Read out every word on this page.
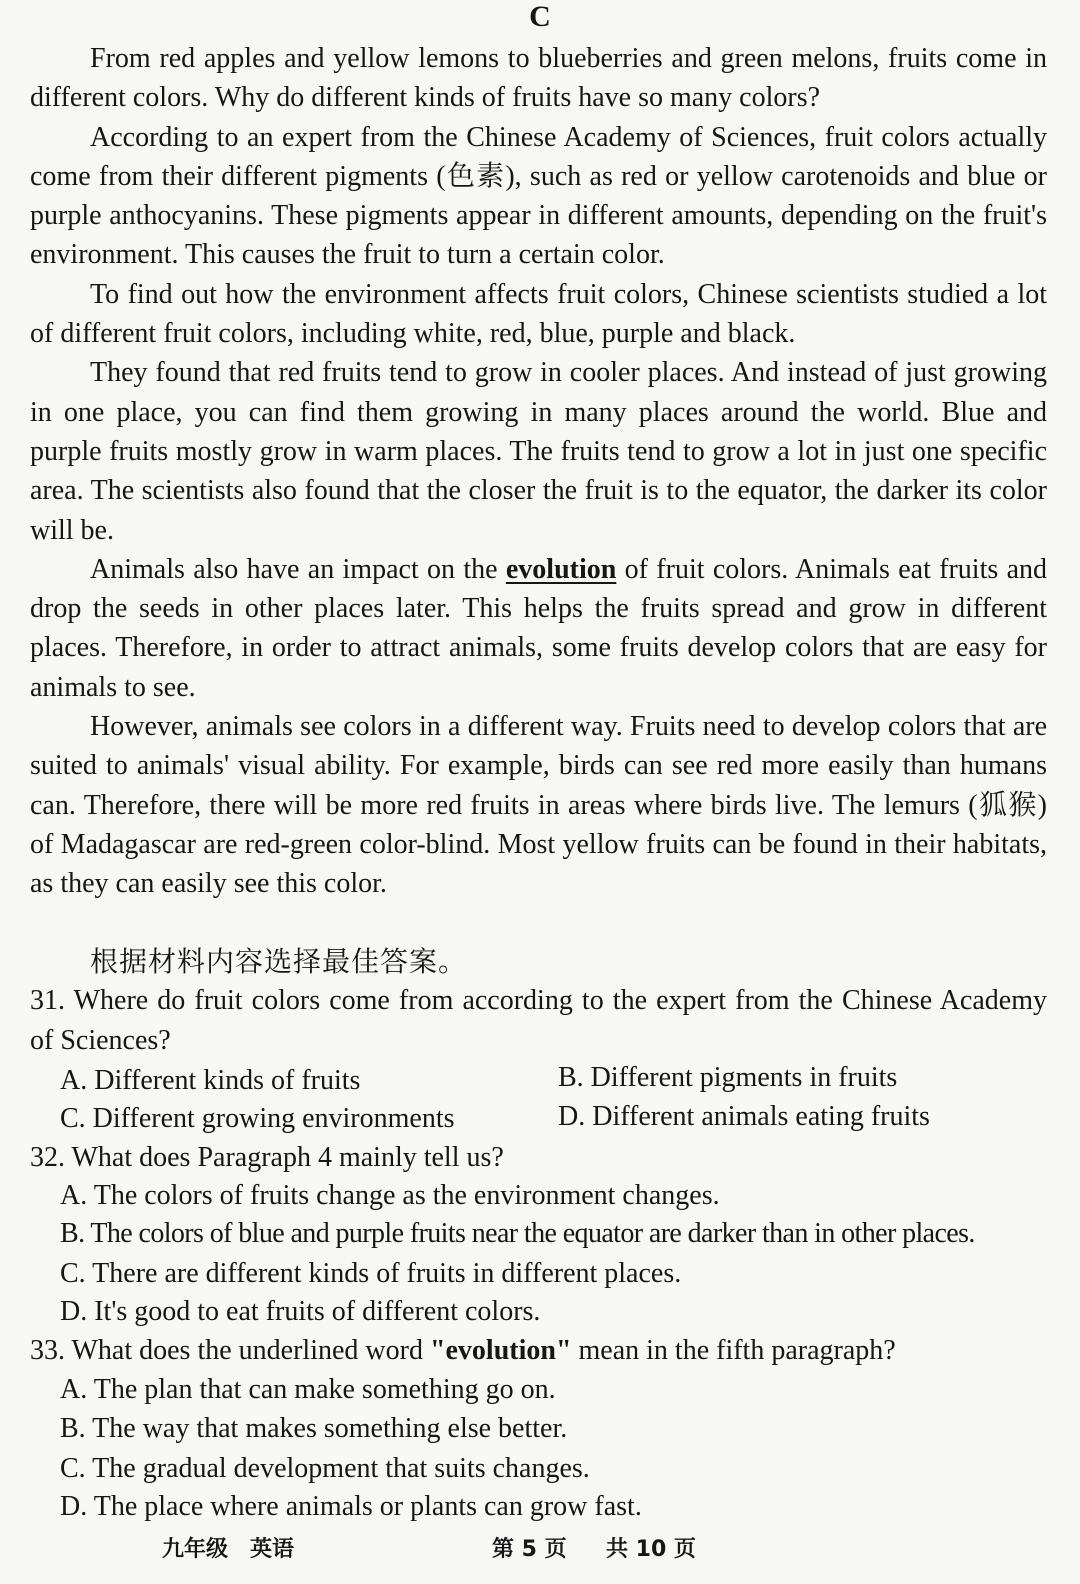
C

From red apples and yellow lemons to blueberries and green melons, fruits come in different colors. Why do different kinds of fruits have so many colors?

According to an expert from the Chinese Academy of Sciences, fruit colors actually come from their different pigments (色素), such as red or yellow carotenoids and blue or purple anthocyanins. These pigments appear in different amounts, depending on the fruit's environment. This causes the fruit to turn a certain color.

To find out how the environment affects fruit colors, Chinese scientists studied a lot of different fruit colors, including white, red, blue, purple and black.

They found that red fruits tend to grow in cooler places. And instead of just growing in one place, you can find them growing in many places around the world. Blue and purple fruits mostly grow in warm places. The fruits tend to grow a lot in just one specific area. The scientists also found that the closer the fruit is to the equator, the darker its color will be.

Animals also have an impact on the evolution of fruit colors. Animals eat fruits and drop the seeds in other places later. This helps the fruits spread and grow in different places. Therefore, in order to attract animals, some fruits develop colors that are easy for animals to see.

However, animals see colors in a different way. Fruits need to develop colors that are suited to animals' visual ability. For example, birds can see red more easily than humans can. Therefore, there will be more red fruits in areas where birds live. The lemurs (狐猴) of Madagascar are red-green color-blind. Most yellow fruits can be found in their habitats, as they can easily see this color.

根据材料内容选择最佳答案。

31. Where do fruit colors come from according to the expert from the Chinese Academy of Sciences?

A. Different kinds of fruits	B. Different pigments in fruits
C. Different growing environments	D. Different animals eating fruits
32. What does Paragraph 4 mainly tell us?
A. The colors of fruits change as the environment changes.
B. The colors of blue and purple fruits near the equator are darker than in other places.
C. There are different kinds of fruits in different places.
D. It's good to eat fruits of different colors.
33. What does the underlined word "evolution" mean in the fifth paragraph?
A. The plan that can make something go on.
B. The way that makes something else better.
C. The gradual development that suits changes.
D. The place where animals or plants can grow fast.
九年级　英语	第 5 页 共 10 页
